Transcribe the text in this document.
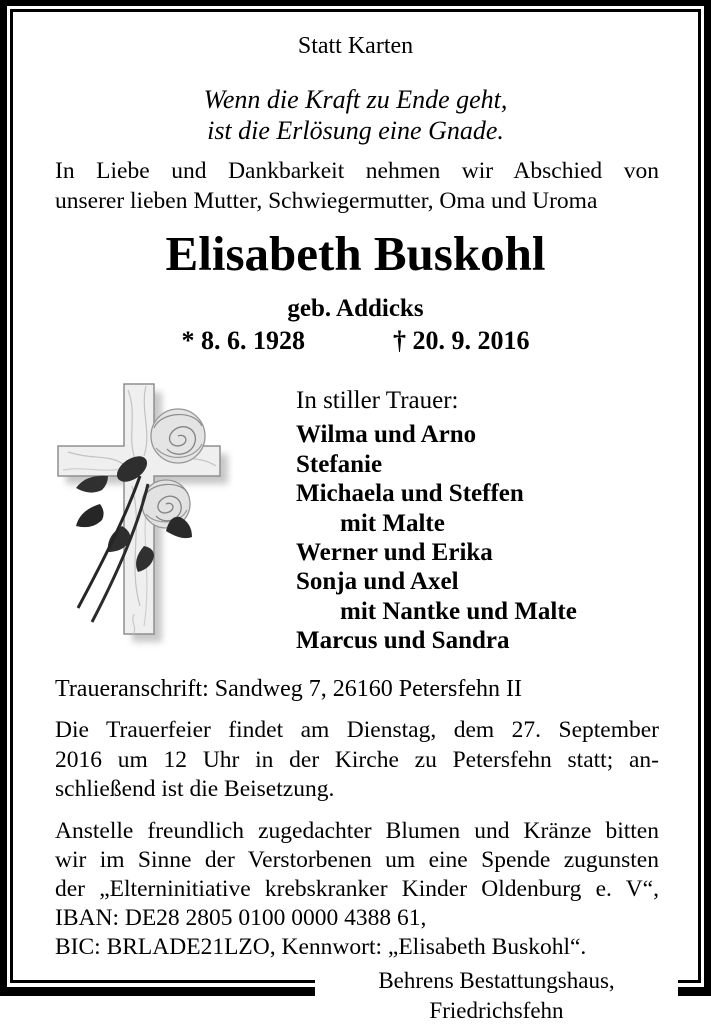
Statt Karten
Wenn die Kraft zu Ende geht,
ist die Erlösung eine Gnade.
In Liebe und Dankbarkeit nehmen wir Abschied von
unserer lieben Mutter, Schwiegermutter, Oma und Uroma
Elisabeth Buskohl
geb. Addicks
* 8. 6. 1928	† 20. 9. 2016
In stiller Trauer:
Wilma und Arno
Stefanie
Michaela und Steffen
mit Malte
Werner und Erika
Sonja und Axel
mit Nantke und Malte
Marcus und Sandra
Traueranschrift: Sandweg 7, 26160 Petersfehn II
Die Trauerfeier findet am Dienstag, dem 27. September
2016 um 12 Uhr in der Kirche zu Petersfehn statt; an-
schließend ist die Beisetzung.
Anstelle freundlich zugedachter Blumen und Kränze bitten
wir im Sinne der Verstorbenen um eine Spende zugunsten
der „Elterninitiative krebskranker Kinder Oldenburg e. V“,
IBAN: DE28 2805 0100 0000 4388 61,
BIC: BRLADE21LZO, Kennwort: „Elisabeth Buskohl“.
Behrens Bestattungshaus, Friedrichsfehn
